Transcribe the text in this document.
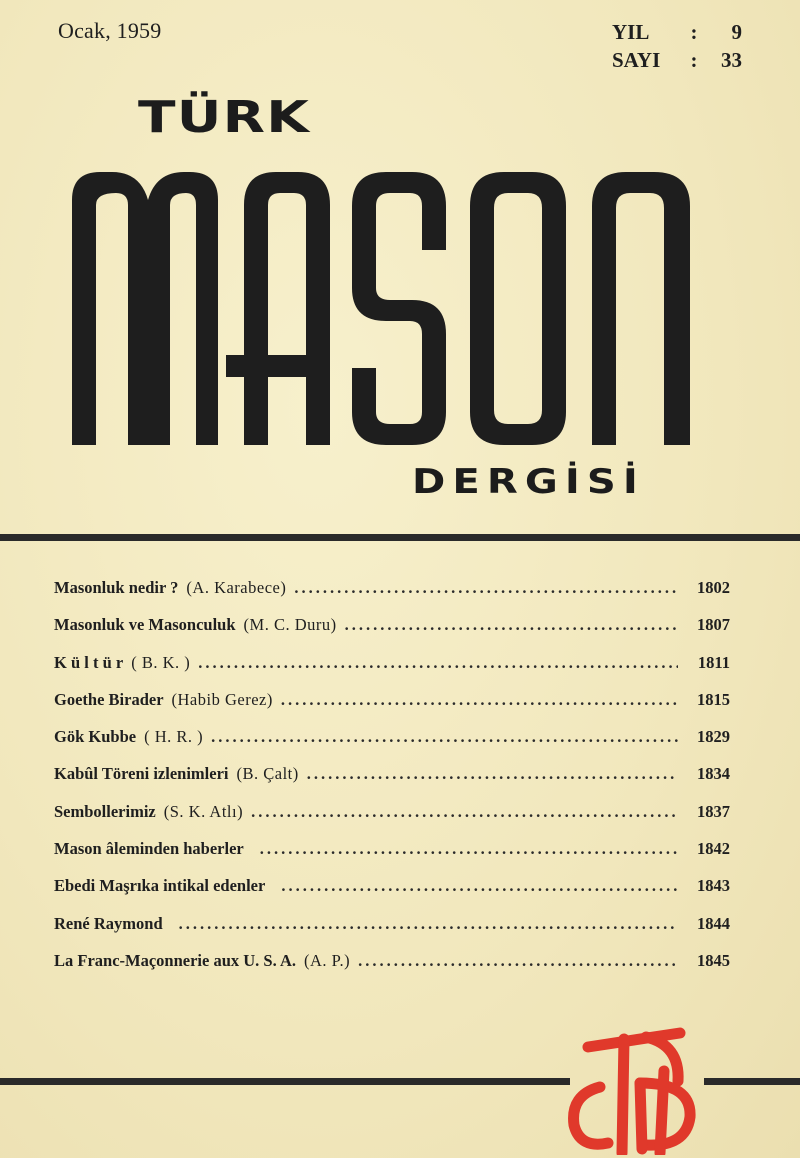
Ocak, 1959	YIL	:	9
SAYI	:	33
TÜRK
DERGİSİ
Masonluk nedir ? (A. Karabece) .....	1802
Masonluk ve Masonculuk (M. C. Duru) .....	1807
K ü l t ü r ( B. K. ) .....	1811
Goethe Birader (Habib Gerez) .....	1815
Gök Kubbe ( H. R. ) .....	1829
Kabûl Töreni izlenimleri (B. Çalt) .....	1834
Sembollerimiz (S. K. Atlı) .....	1837
Mason âleminden haberler .....	1842
Ebedi Maşrıka intikal edenler .....	1843
René Raymond .....	1844
La Franc-Maçonnerie aux U. S. A. (A. P.) .....	1845
